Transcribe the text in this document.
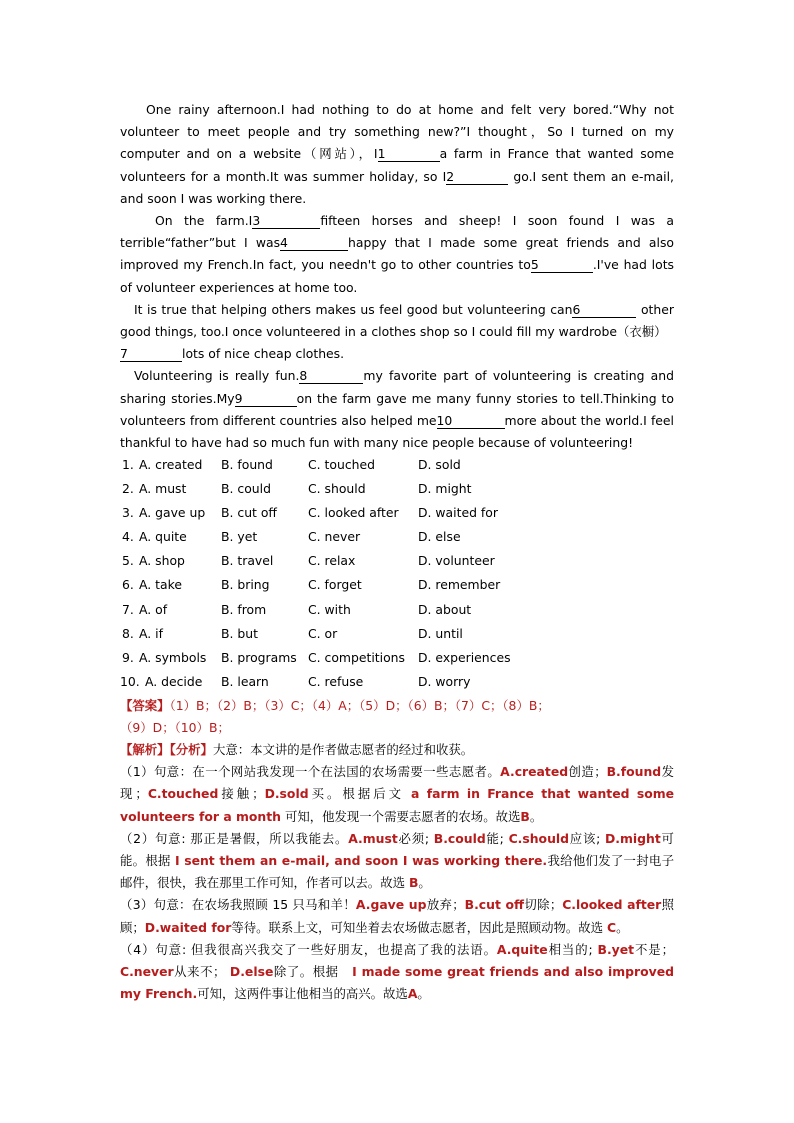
One rainy afternoon.I had nothing to do at home and felt very bored.“Why not volunteer to meet people and try something new?”I thought，So I turned on my computer and on a website（网站），I1	a farm in France that wanted some volunteers for a month.It was summer holiday, so I2	go.I sent them an e-mail, and soon I was working there.

On the farm.I3	fifteen horses and sheep! I soon found I was a terrible“father”but I was4	happy that I made some great friends and also improved my French.In fact, you needn't go to other countries to5	.I've had lots of volunteer experiences at home too.

It is true that helping others makes us feel good but volunteering can6	other good things, too.I once volunteered in a clothes shop so I could fill my wardrobe（衣橱）
7	lots of nice cheap clothes.

Volunteering is really fun.8	my favorite part of volunteering is creating and sharing stories.My9	on the farm gave me many funny stories to tell.Thinking to volunteers from different countries also helped me10	more about the world.I feel thankful to have had so much fun with many nice people because of volunteering!

1. A. created B. found	C. touched	D. sold
2. A. must	B. could	C. should	D. might
3. A. gave up B. cut off	C. looked after D. waited for
4. A. quite	B. yet	C. never	D. else
5. A. shop	B. travel	C. relax	D. volunteer
6. A. take	B. bring	C. forget	D. remember
7. A. of	B. from	C. with	D. about
8. A. if	B. but	C. or	D. until
9. A. symbols B. programs C. competitions D. experiences
10. A. decide B. learn	C. refuse	D. worry
【答案】（1）B；（2）B；（3）C；（4）A；（5）D；（6）B；（7）C；（8）B；
（9）D；（10）B；

【解析】【分析】大意：本文讲的是作者做志愿者的经过和收获。

（1）句意：在一个网站我发现一个在法国的农场需要一些志愿者。A.created创造；B.found发现；C.touched接触；D.sold买。根据后文 a farm in France that wanted some volunteers for a month 可知，他发现一个需要志愿者的农场。故选B。

（2）句意: 那正是暑假，所以我能去。A.must必须; B.could能; C.should应该; D.might可能。根据 I sent them an e-mail, and soon I was working there.我给他们发了一封电子邮件，很快，我在那里工作可知，作者可以去。故选 B。

（3）句意：在农场我照顾 15 只马和羊！A.gave up放弃；B.cut off切除；C.looked after照顾；D.waited for等待。联系上文，可知坐着去农场做志愿者，因此是照顾动物。故选 C。

（4）句意: 但我很高兴我交了一些好朋友，也提高了我的法语。A.quite相当的; B.yet不是； C.never从来不； D.else除了。根据 I made some great friends and also improved my French.可知，这两件事让他相当的高兴。故选A。
